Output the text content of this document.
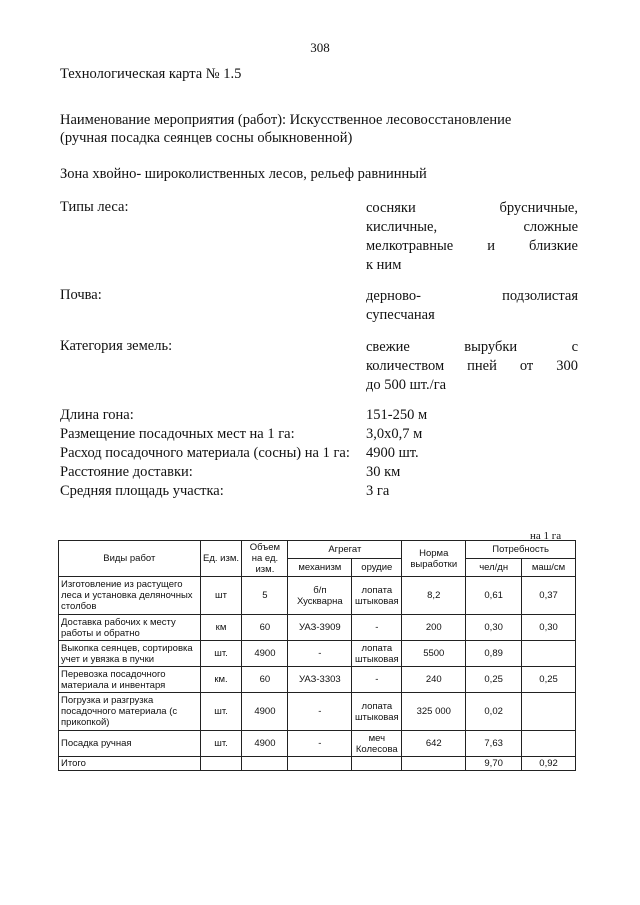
308
Технологическая карта № 1.5
Наименование мероприятия (работ): Искусственное лесовосстановление
(ручная посадка сеянцев сосны обыкновенной)
Зона хвойно- широколиственных лесов, рельеф равнинный
Типы леса:	сосняки брусничные,
кисличные, сложные
мелкотравные и близкие
к ним
Почва:	дерново- подзолистая
супесчаная
Категория земель:	свежие вырубки с
количеством пней от 300
до 500 шт./га
Длина гона:	151-250 м
Размещение посадочных мест на 1 га:	3,0х0,7 м
Расход посадочного материала (сосны) на 1 га: 4900 шт.
Расстояние доставки:	30 км
Средняя площадь участка:	3 га
на 1 га
Виды работ	Ед. изм.	Объем на ед. изм.	Агрегат		Норма выработки	Потребность	
			механизм	орудие		чел/дн	маш/см
Изготовление из растущего леса и установка деляночных столбов	шт	5	б/п Хускварна	лопата штыковая	8,2	0,61	0,37
Доставка рабочих к месту работы и обратно	км	60	УАЗ-3909	-	200	0,30	0,30
Выкопка сеянцев, сортировка учет и увязка в пучки	шт.	4900	-	лопата штыковая	5500	0,89	
Перевозка посадочного материала и инвентаря	км.	60	УАЗ-3303	-	240	0,25	0,25
Погрузка и разгрузка посадочного материала (с прикопкой)	шт.	4900	-	лопата штыковая	325 000	0,02	
Посадка ручная	шт.	4900	-	меч Колесова	642	7,63	
Итого						9,70	0,92
